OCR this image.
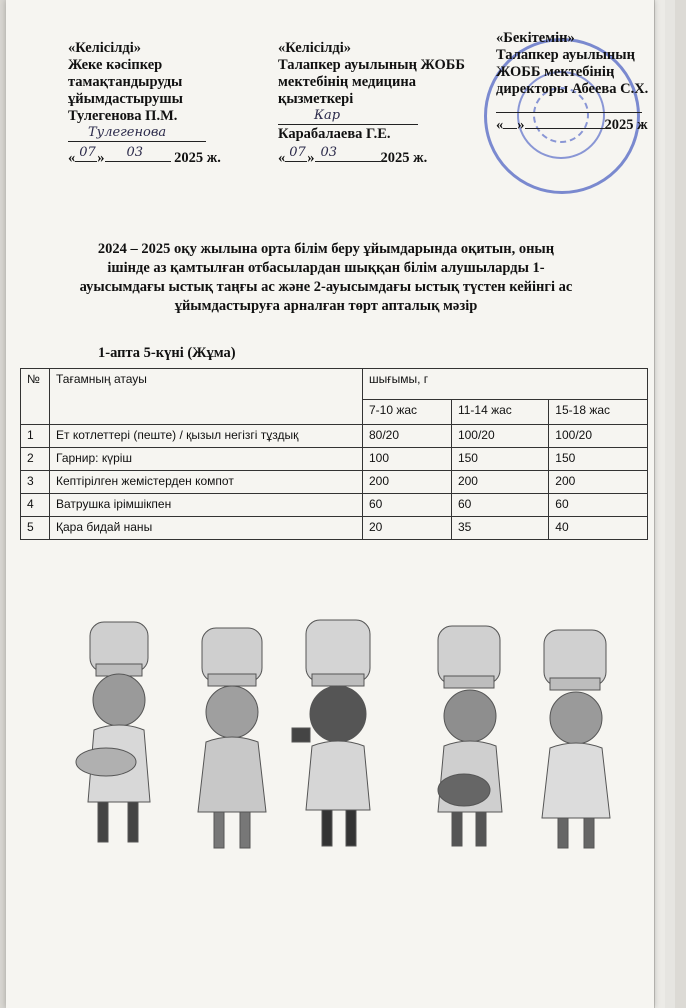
«Келісілді»
Жеке кәсіпкер
тамақтандыруды
ұйымдастырушы
Тулегенова П.М.
Тулегенова
« 07 » 03 2025 ж.
«Келісілді»
Талапкер ауылының ЖОББ
мектебінің медицина
қызметкері
Кар
Карабалаева Г.Е.
« 07 » 03	2025 ж.
«Бекітемін»
Талапкер ауылының
ЖОББ мектебінің
директоры Абеева С.Х.
« »	2025 ж
2024 – 2025 оқу жылына орта білім беру ұйымдарында оқитын, оның ішінде аз қамтылған отбасылардан шыққан білім алушыларды 1-ауысымдағы ыстық таңғы ас және 2-ауысымдағы ыстық түстен кейінгі ас ұйымдастыруға арналған төрт апталық мәзір
1-апта 5-күні (Жұма)
№	Тағамның атауы	шығымы, г		
		7-10 жас	11-14 жас	15-18 жас
1	Ет котлеттері (пеште) / қызыл негізгі тұздық	80/20	100/20	100/20
2	Гарнир: күріш	100	150	150
3	Кептірілген жемістерден компот	200	200	200
4	Ватрушка ірімшікпен	60	60	60
5	Қара бидай наны	20	35	40
